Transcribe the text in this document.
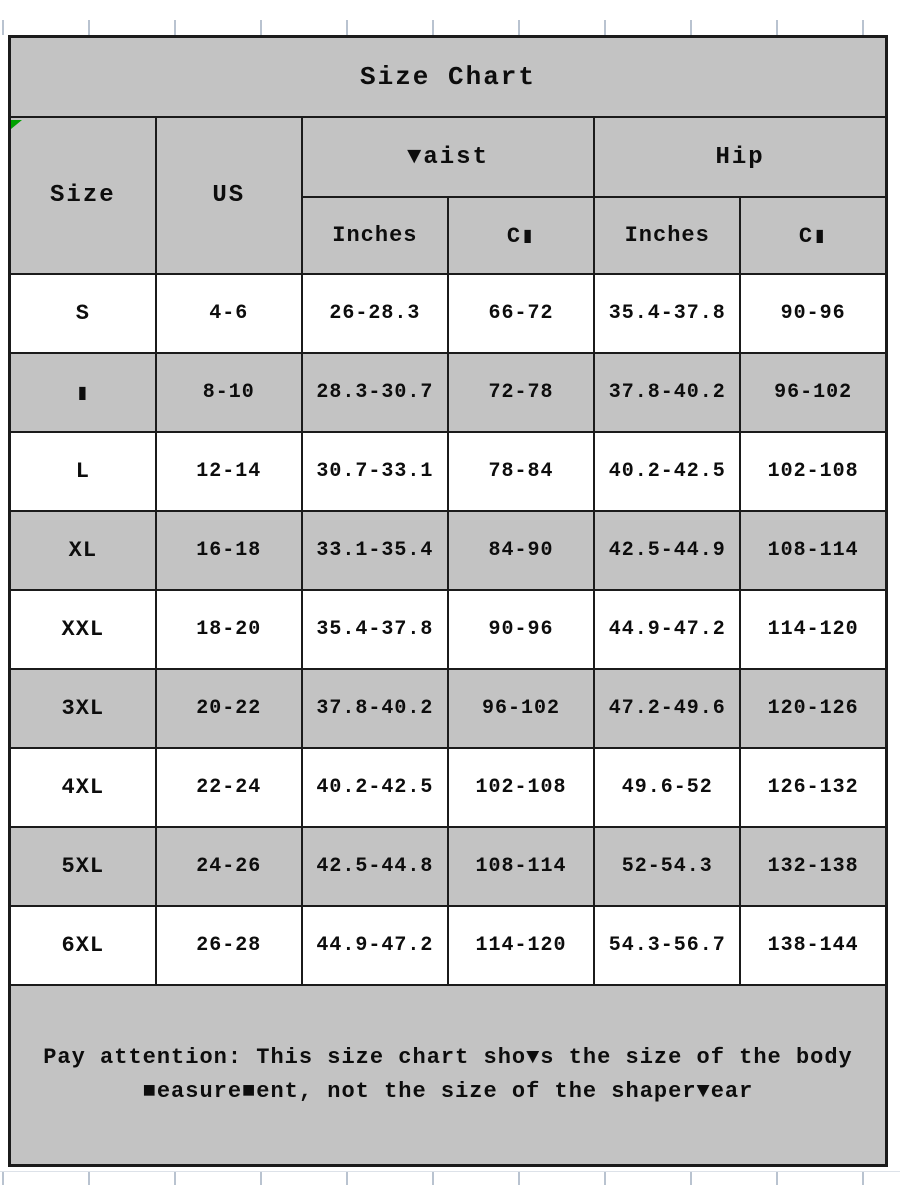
Size Chart					
Size	US	▼aist		Hip	
		Inches	C▮	Inches	C▮
S	4-6	26-28.3	66-72	35.4-37.8	90-96
▮	8-10	28.3-30.7	72-78	37.8-40.2	96-102
L	12-14	30.7-33.1	78-84	40.2-42.5	102-108
XL	16-18	33.1-35.4	84-90	42.5-44.9	108-114
XXL	18-20	35.4-37.8	90-96	44.9-47.2	114-120
3XL	20-22	37.8-40.2	96-102	47.2-49.6	120-126
4XL	22-24	40.2-42.5	102-108	49.6-52	126-132
5XL	24-26	42.5-44.8	108-114	52-54.3	132-138
6XL	26-28	44.9-47.2	114-120	54.3-56.7	138-144

Pay attention: This size chart sho▼s the size of the body
■easure■ent, not the size of the shaper▼ear					
